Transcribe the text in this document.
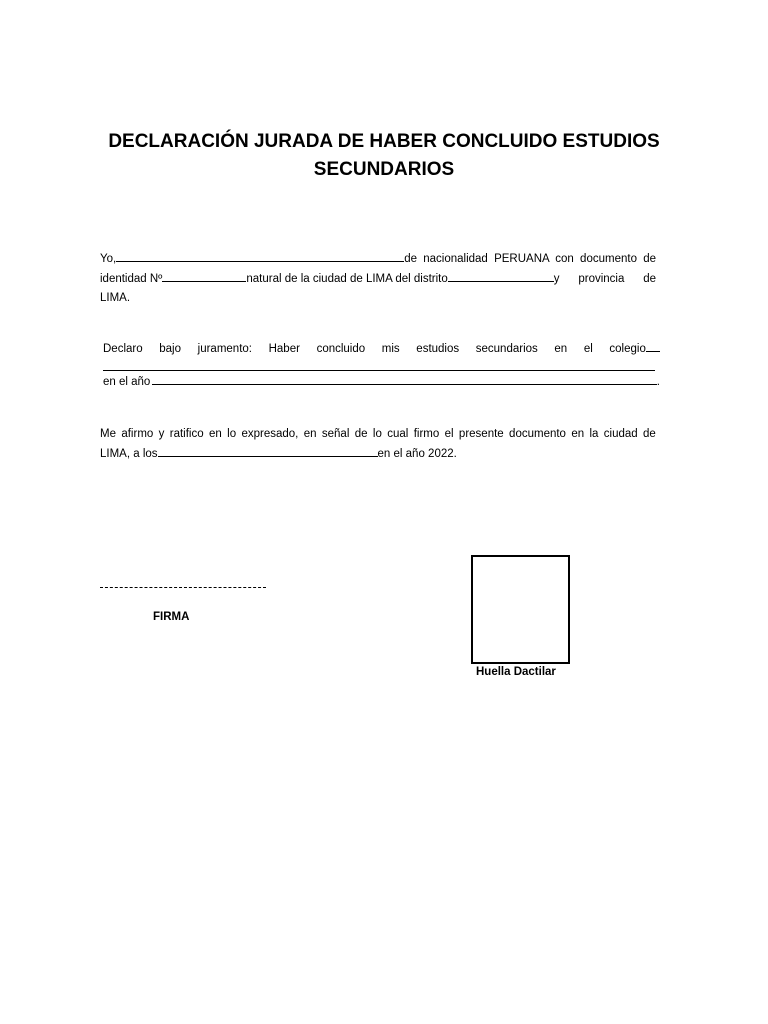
DECLARACIÓN JURADA DE HABER CONCLUIDO ESTUDIOS
SECUNDARIOS
Yo,	de nacionalidad PERUANA con documento de
identidad Nº	natural de la ciudad de LIMA del distrito	y provincia de
LIMA.
Declaro bajo juramento: Haber concluido mis estudios secundarios en el colegio
en el año	.
Me afirmo y ratifico en lo expresado, en señal de lo cual firmo el presente documento en la ciudad de
LIMA, a los	en el año 2022.
FIRMA
Huella Dactilar
